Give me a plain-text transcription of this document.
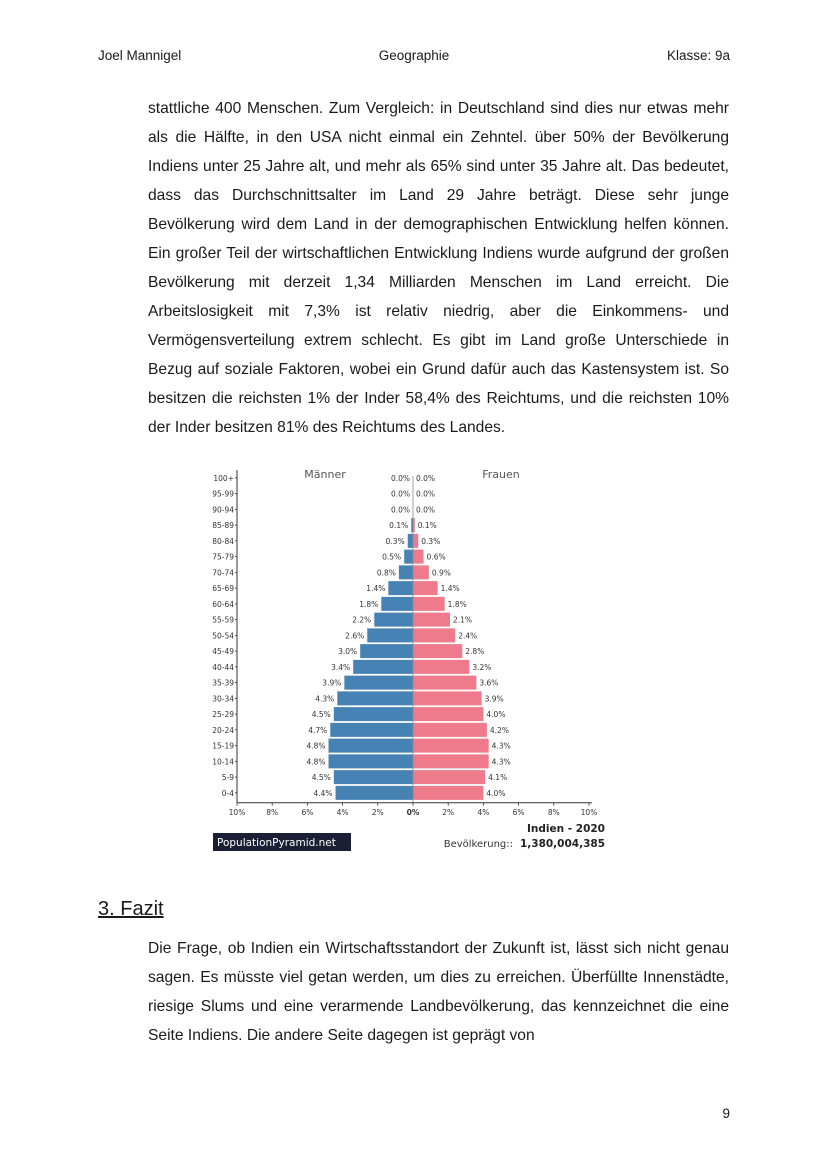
Joel Mannigel	Geographie	Klasse: 9a

stattliche 400 Menschen. Zum Vergleich: in Deutschland sind dies nur etwas mehr als die Hälfte, in den USA nicht einmal ein Zehntel. über 50% der Bevölkerung Indiens unter 25 Jahre alt, und mehr als 65% sind unter 35 Jahre alt. Das bedeutet, dass das Durchschnittsalter im Land 29 Jahre beträgt. Diese sehr junge Bevölkerung wird dem Land in der demographischen Entwicklung helfen können. Ein großer Teil der wirtschaftlichen Entwicklung Indiens wurde aufgrund der großen Bevölkerung mit derzeit 1,34 Milliarden Menschen im Land erreicht. Die Arbeitslosigkeit mit 7,3% ist relativ niedrig, aber die Einkommens- und Vermögensverteilung extrem schlecht. Es gibt im Land große Unterschiede in Bezug auf soziale Faktoren, wobei ein Grund dafür auch das Kastensystem ist. So besitzen die reichsten 1% der Inder 58,4% des Reichtums, und die reichsten 10% der Inder besitzen 81% des Reichtums des Landes.

Männer	Frauen
100+	0.0% 0.0%
95-99	0.0% 0.0%
90-94	0.0% 0.0%
85-89	0.1% 0.1%
80-84	0.3% 0.3%
75-79	0.5%	0.6%
70-74	0.8%	0.9%
65-69	1.4%	1.4%
60-64	1.8%	1.8%
55-59	2.2%	2.1%
50-54	2.6%	2.4%
45-49	3.0%	2.8%
40-44	3.4%	3.2%
35-39	3.9%	3.6%
30-34	4.3%	3.9%
25-29	4.5%	4.0%
20-24	4.7%	4.2%
15-19	4.8%	4.3%
10-14	4.8%	4.3%
5-9	4.5%	4.1%
0-4	4.4%	4.0%
10%	8%	6%	4%	2%	0%	2%	4%	6%	8%	10%
PopulationPyramid.net
Indien - 2020
Bevölkerung:: 1,380,004,385
3. Fazit

Die Frage, ob Indien ein Wirtschaftsstandort der Zukunft ist, lässt sich nicht genau sagen. Es müsste viel getan werden, um dies zu erreichen. Überfüllte Innenstädte, riesige Slums und eine verarmende Landbevölkerung, das kennzeichnet die eine Seite Indiens. Die andere Seite dagegen ist geprägt von

9
